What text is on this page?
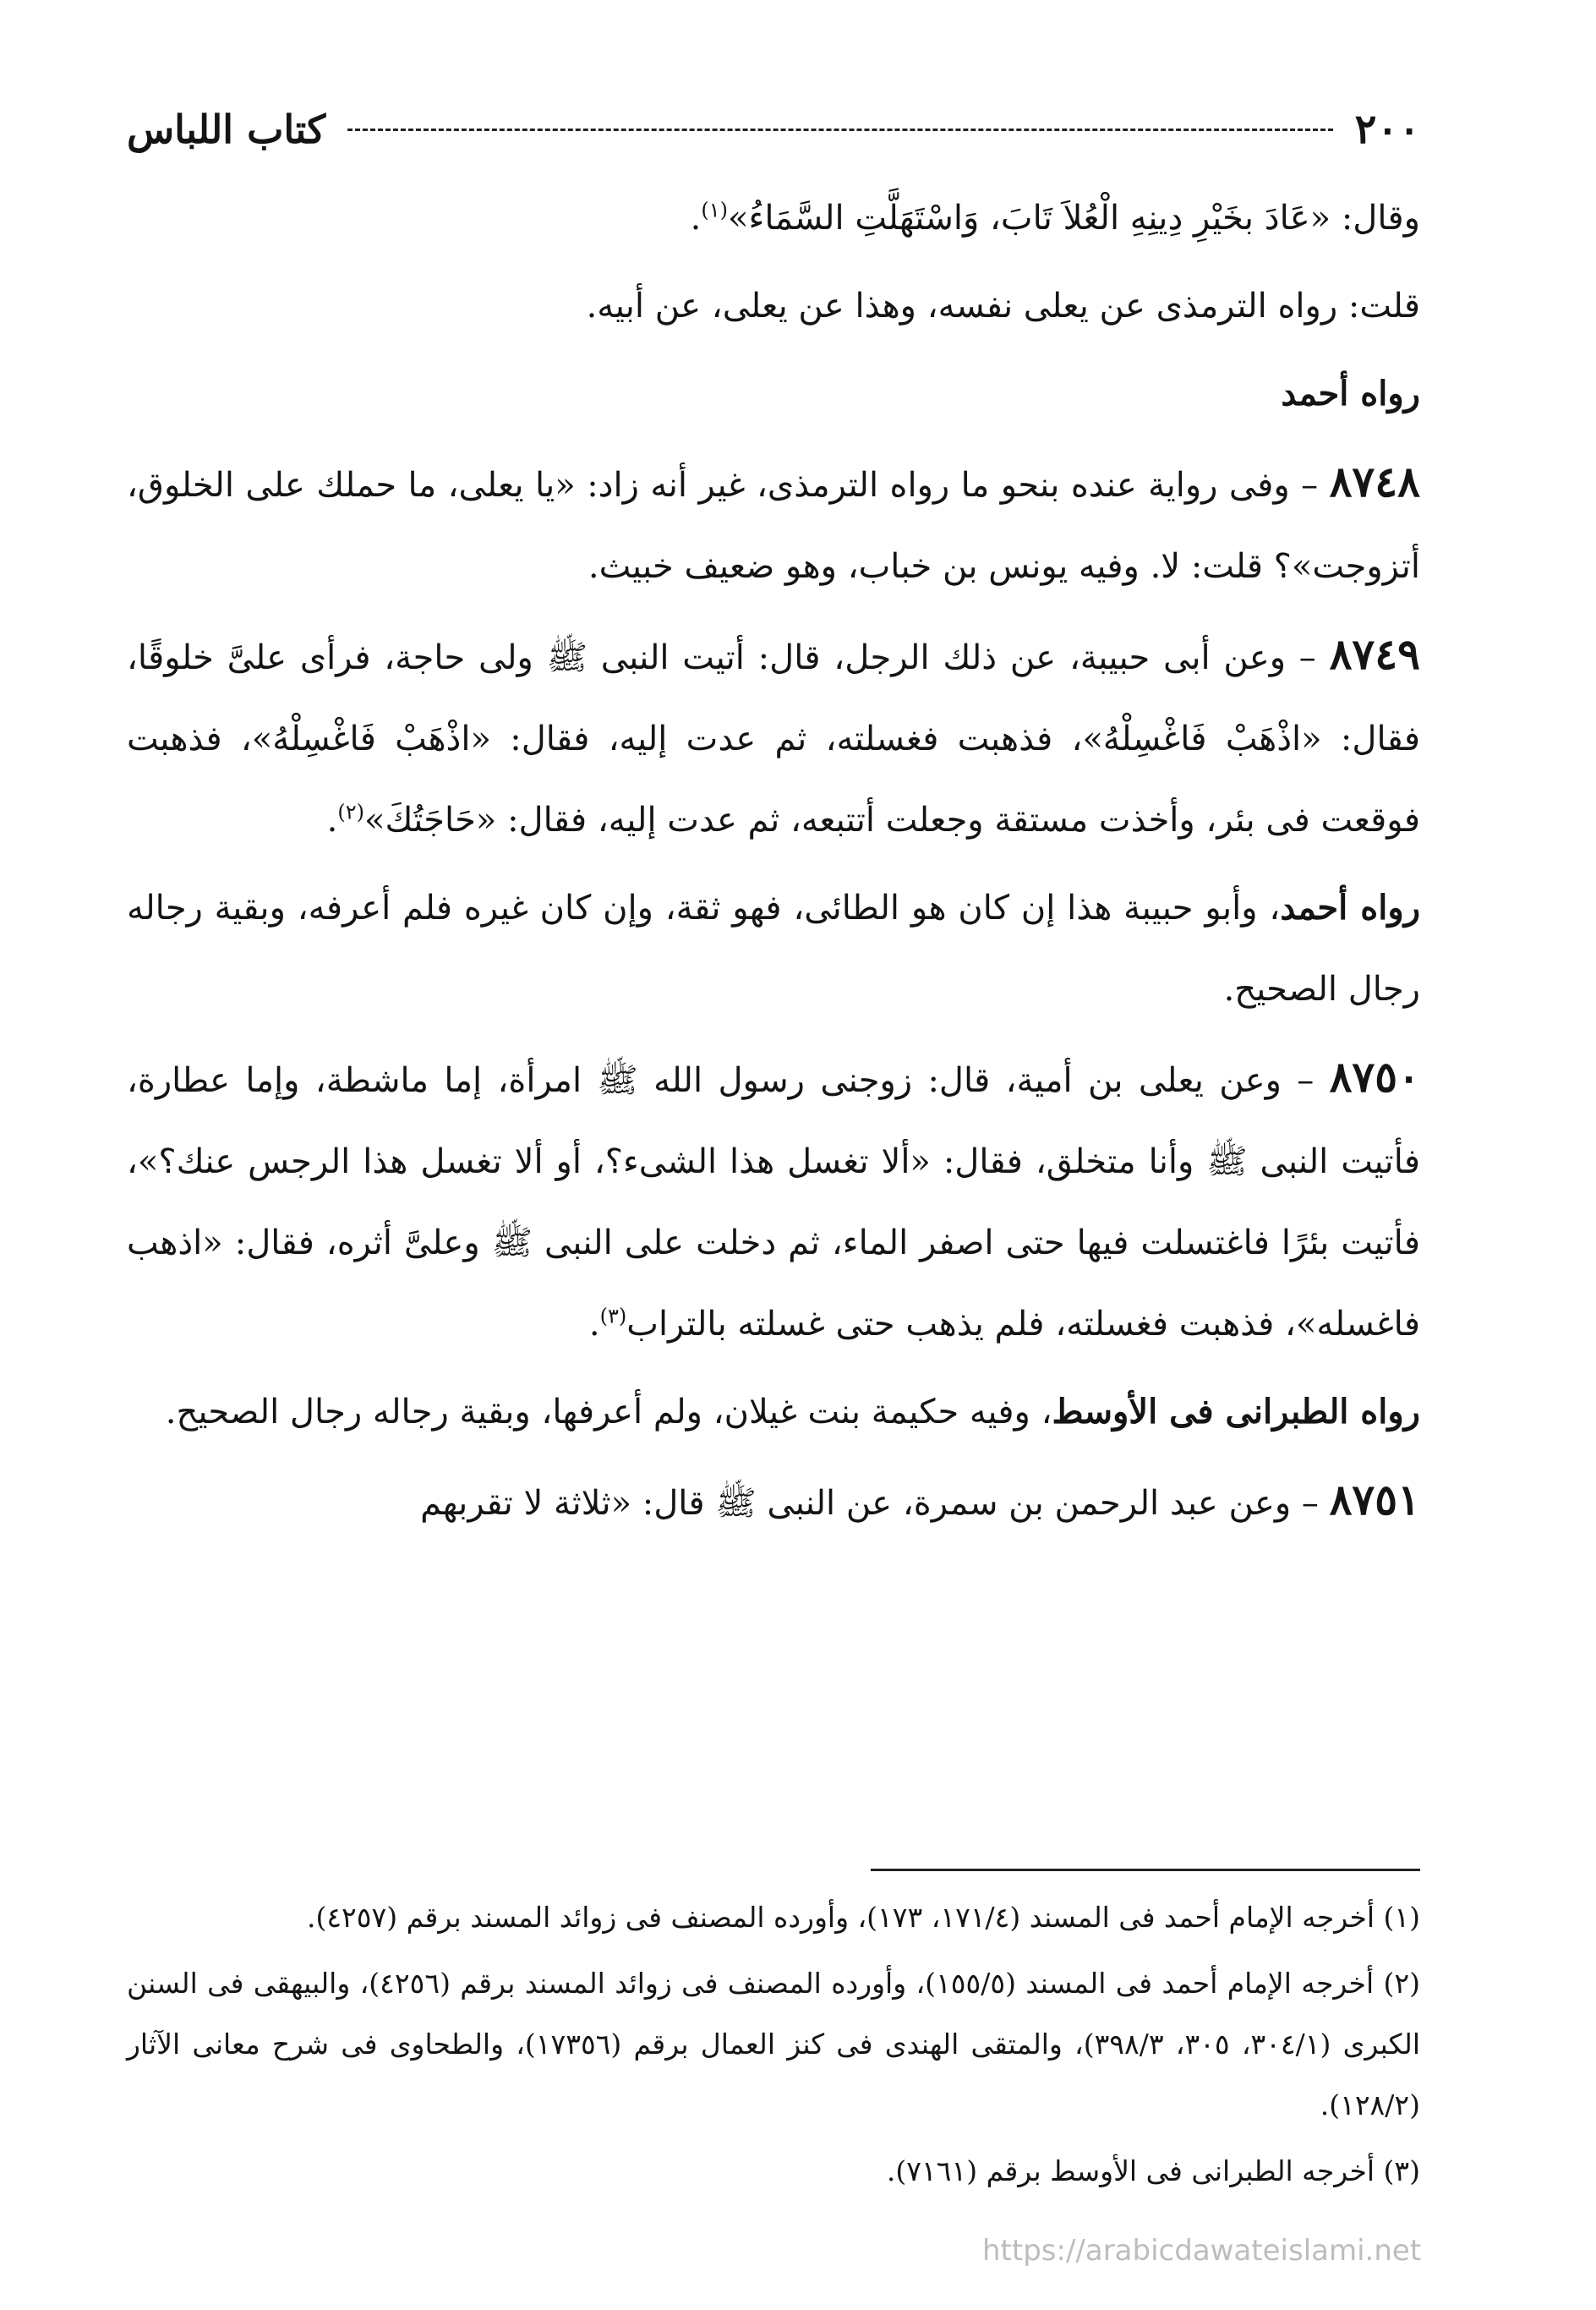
٢٠٠
كتاب اللباس

وقال: «عَادَ بخَيْرِ دِينِهِ الْعُلاَ تَابَ، وَاسْتَهَلَّتِ السَّمَاءُ»$^{(١)}$.

قلت: رواه الترمذى عن يعلى نفسه، وهذا عن يعلى، عن أبيه.

رواه أحمد

٨٧٤٨ – وفى رواية عنده بنحو ما رواه الترمذى، غير أنه زاد: «يا يعلى، ما حملك على الخلوق، أتزوجت»؟ قلت: لا. وفيه يونس بن خباب، وهو ضعيف خبيث.

٨٧٤٩ – وعن أبى حبيبة، عن ذلك الرجل، قال: أتيت النبى ﷺ ولى حاجة، فرأى علىَّ خلوقًا، فقال: «اذْهَبْ فَاغْسِلْهُ»، فذهبت فغسلته، ثم عدت إليه، فقال: «اذْهَبْ فَاغْسِلْهُ»، فذهبت فوقعت فى بئر، وأخذت مستقة وجعلت أتتبعه، ثم عدت إليه، فقال: «حَاجَتُكَ»$^{(٢)}$.

رواه أحمد، وأبو حبيبة هذا إن كان هو الطائى، فهو ثقة، وإن كان غيره فلم أعرفه، وبقية رجاله رجال الصحيح.

٨٧٥٠ – وعن يعلى بن أمية، قال: زوجنى رسول الله ﷺ امرأة، إما ماشطة، وإما عطارة، فأتيت النبى ﷺ وأنا متخلق، فقال: «ألا تغسل هذا الشىء؟، أو ألا تغسل هذا الرجس عنك؟»، فأتيت بئرًا فاغتسلت فيها حتى اصفر الماء، ثم دخلت على النبى ﷺ وعلىَّ أثره، فقال: «اذهب فاغسله»، فذهبت فغسلته، فلم يذهب حتى غسلته بالتراب$^{(٣)}$.

رواه الطبرانى فى الأوسط، وفيه حكيمة بنت غيلان، ولم أعرفها، وبقية رجاله رجال الصحيح.

٨٧٥١ – وعن عبد الرحمن بن سمرة، عن النبى ﷺ قال: «ثلاثة لا تقربهم

(١) أخرجه الإمام أحمد فى المسند (١٧١/٤، ١٧٣)، وأورده المصنف فى زوائد المسند برقم (٤٢٥٧).

(٢) أخرجه الإمام أحمد فى المسند (١٥٥/٥)، وأورده المصنف فى زوائد المسند برقم (٤٢٥٦)، والبيهقى فى السنن الكبرى (٣٠٤/١، ٣٠٥، ٣٩٨/٣)، والمتقى الهندى فى كنز العمال برقم (١٧٣٥٦)، والطحاوى فى شرح معانى الآثار (١٢٨/٢).

(٣) أخرجه الطبرانى فى الأوسط برقم (٧١٦١).

https://arabicdawateislami.net
